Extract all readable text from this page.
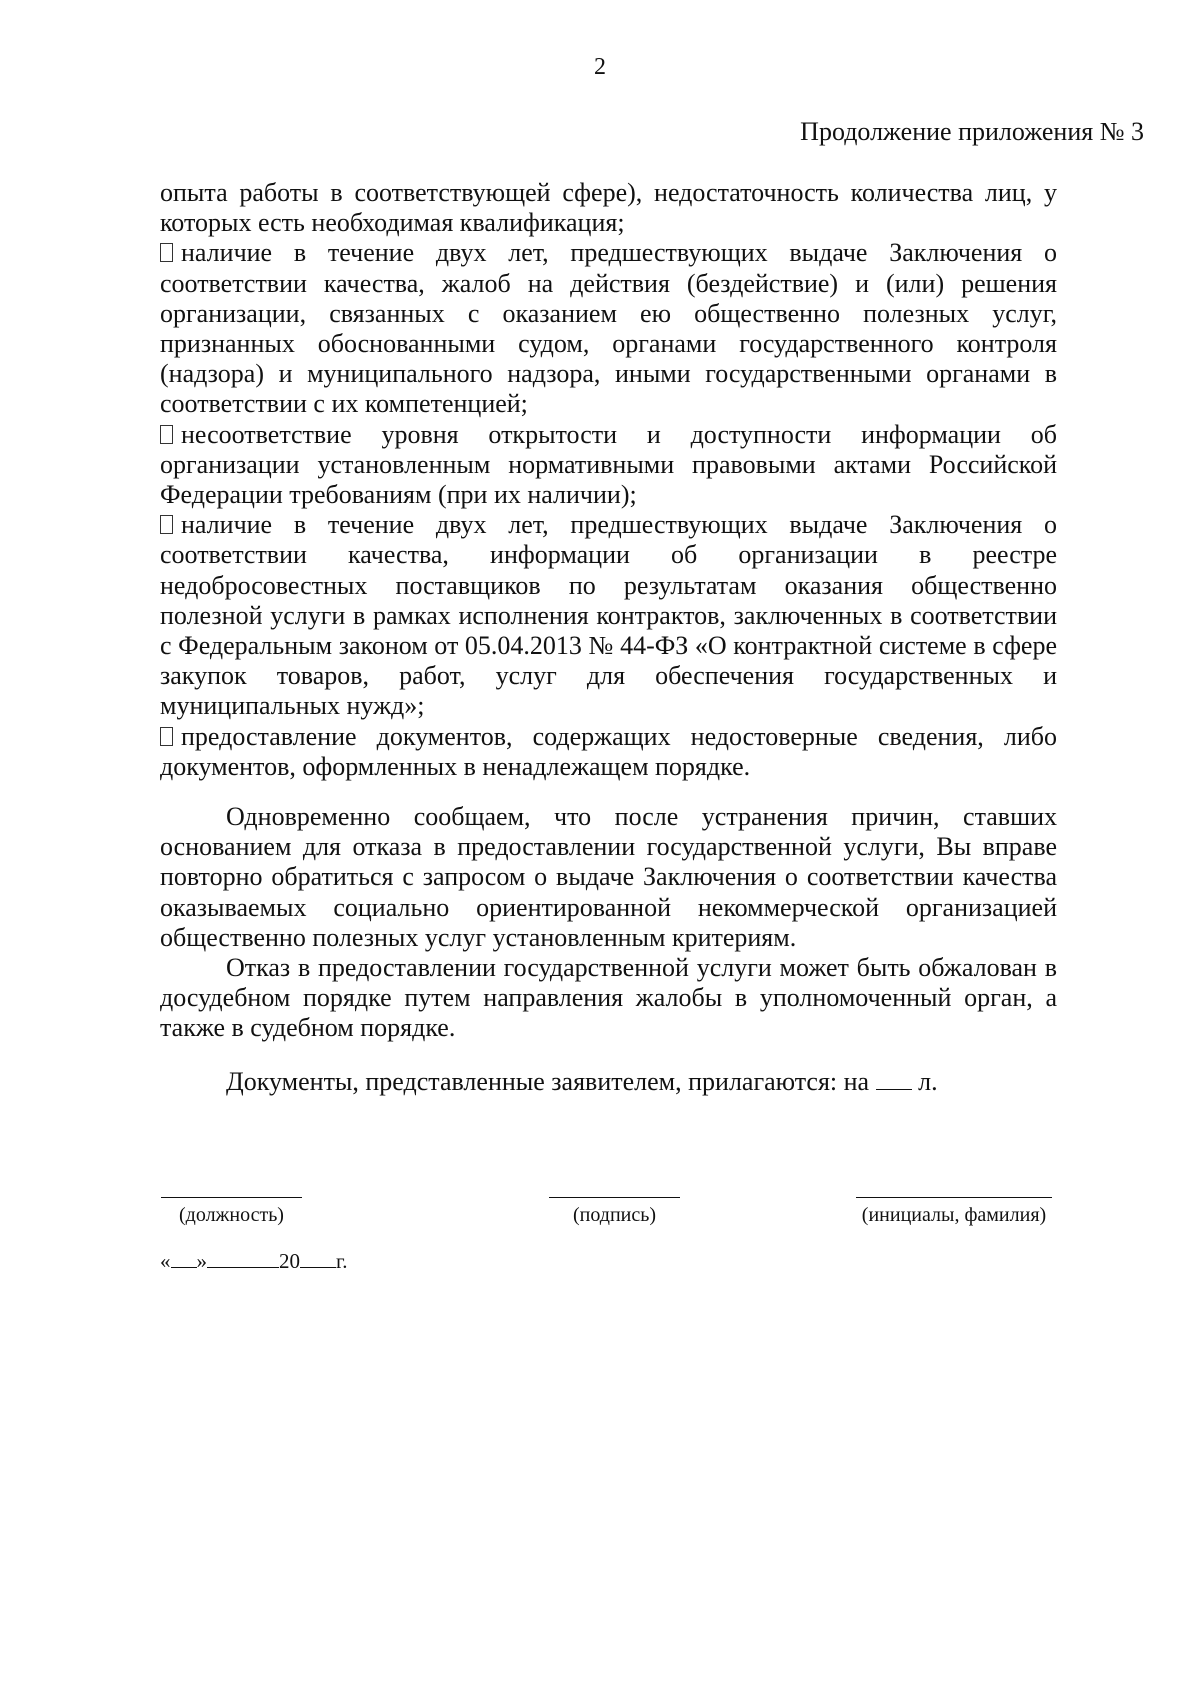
2
Продолжение приложения № 3

опыта работы в соответствующей сфере), недостаточность количества лиц, у которых есть необходимая квалификация;

наличие в течение двух лет, предшествующих выдаче Заключения о соответствии качества, жалоб на действия (бездействие) и (или) решения организации, связанных с оказанием ею общественно полезных услуг, признанных обоснованными судом, органами государственного контроля (надзора) и муниципального надзора, иными государственными органами в соответствии с их компетенцией;

несоответствие уровня открытости и доступности информации об организации установленным нормативными правовыми актами Российской Федерации требованиям (при их наличии);

наличие в течение двух лет, предшествующих выдаче Заключения о соответствии качества, информации об организации в реестре недобросовестных поставщиков по результатам оказания общественно полезной услуги в рамках исполнения контрактов, заключенных в соответствии с Федеральным законом от 05.04.2013 № 44-ФЗ «О контрактной системе в сфере закупок товаров, работ, услуг для обеспечения государственных и муниципальных нужд»;

предоставление документов, содержащих недостоверные сведения, либо документов, оформленных в ненадлежащем порядке.

Одновременно сообщаем, что после устранения причин, ставших основанием для отказа в предоставлении государственной услуги, Вы вправе повторно обратиться с запросом о выдаче Заключения о соответствии качества оказываемых социально ориентированной некоммерческой организацией общественно полезных услуг установленным критериям.

Отказ в предоставлении государственной услуги может быть обжалован в досудебном порядке путем направления жалобы в уполномоченный орган, а также в судебном порядке.

Документы, представленные заявителем, прилагаются: на л.

(должность)	(подпись)	(инициалы, фамилия)
« »	20 г.
